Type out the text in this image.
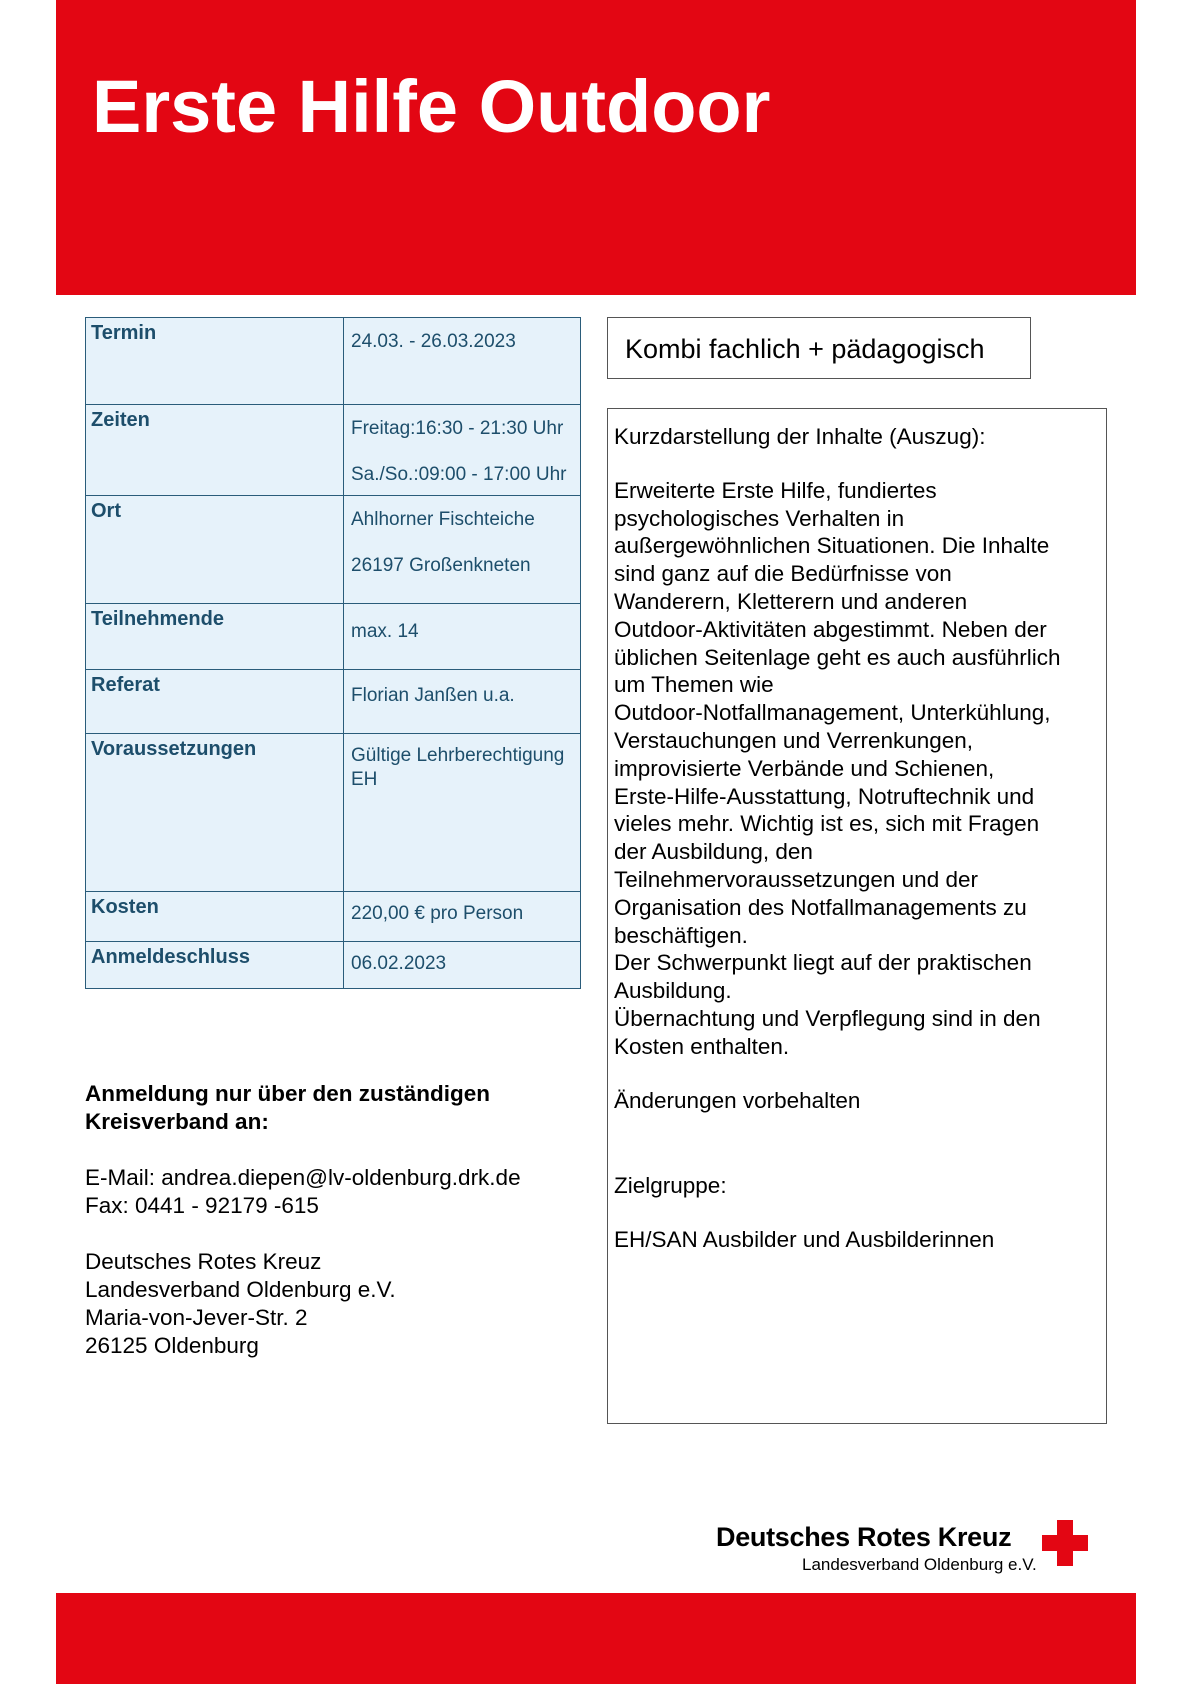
Erste Hilfe Outdoor
Termin	24.03. - 26.03.2023

Zeiten	Freitag:16:30 - 21:30 Uhr
Sa./So.:09:00 - 17:00 Uhr

Ort	Ahlhorner Fischteiche
26197 Großenkneten

Teilnehmende	max. 14

Referat	Florian Janßen u.a.

Voraussetzungen	Gültige Lehrberechtigung
EH

Kosten	220,00 € pro Person

Anmeldeschluss	06.02.2023
Kombi fachlich + pädagogisch

Kurzdarstellung der Inhalte (Auszug):

Erweiterte Erste Hilfe, fundiertes

psychologisches Verhalten in

außergewöhnlichen Situationen. Die Inhalte

sind ganz auf die Bedürfnisse von

Wanderern, Kletterern und anderen

Outdoor-Aktivitäten abgestimmt. Neben der

üblichen Seitenlage geht es auch ausführlich

um Themen wie

Outdoor-Notfallmanagement, Unterkühlung,

Verstauchungen und Verrenkungen,

improvisierte Verbände und Schienen,

Erste-Hilfe-Ausstattung, Notruftechnik und

vieles mehr. Wichtig ist es, sich mit Fragen

der Ausbildung, den

Teilnehmervoraussetzungen und der

Organisation des Notfallmanagements zu

beschäftigen.

Der Schwerpunkt liegt auf der praktischen

Ausbildung.

Übernachtung und Verpflegung sind in den

Kosten enthalten.

Änderungen vorbehalten

Zielgruppe:

EH/SAN Ausbilder und Ausbilderinnen

Anmeldung nur über den zuständigen

Kreisverband an:

E-Mail: andrea.diepen@lv-oldenburg.drk.de

Fax: 0441 - 92179 -615

Deutsches Rotes Kreuz

Landesverband Oldenburg e.V.

Maria-von-Jever-Str. 2

26125 Oldenburg

Deutsches Rotes Kreuz
Landesverband Oldenburg e.V.
